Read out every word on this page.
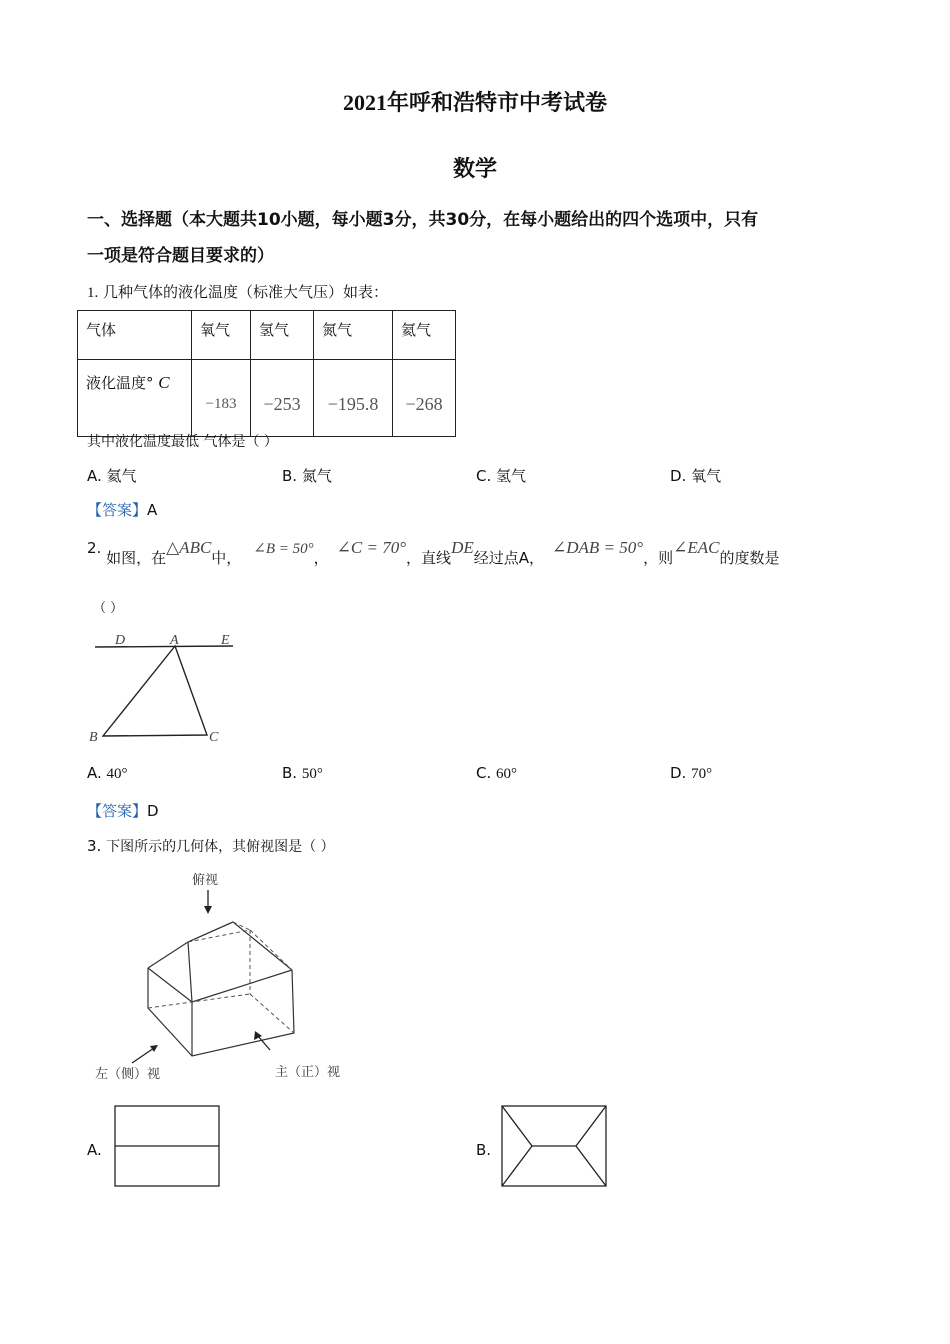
2021年呼和浩特市中考试卷
数学
一、选择题（本大题共10小题，每小题3分，共30分，在每小题给出的四个选项中，只有
一项是符合题目要求的）
1. 几种气体的液化温度（标准大气压）如表：
气体	氧气	氢气	氮气	氦气
液化温度° C	−183	−253	−195.8	−268
其中液化温度最低 气体是（ ）
A. 氦气	B. 氮气	C. 氢气	D. 氧气
【答案】A
2. 如图，在△ABC中， ∠B = 50°，∠C = 70°，直线DE经过点A，∠DAB = 50°，则∠EAC的度数是
（ ）
D	A	E
B	C
A. 40°	B. 50°	C. 60°	D. 70°
【答案】D
3. 下图所示的几何体，其俯视图是（ ）
俯视
左（侧）视	主（正）视
A.	B.
